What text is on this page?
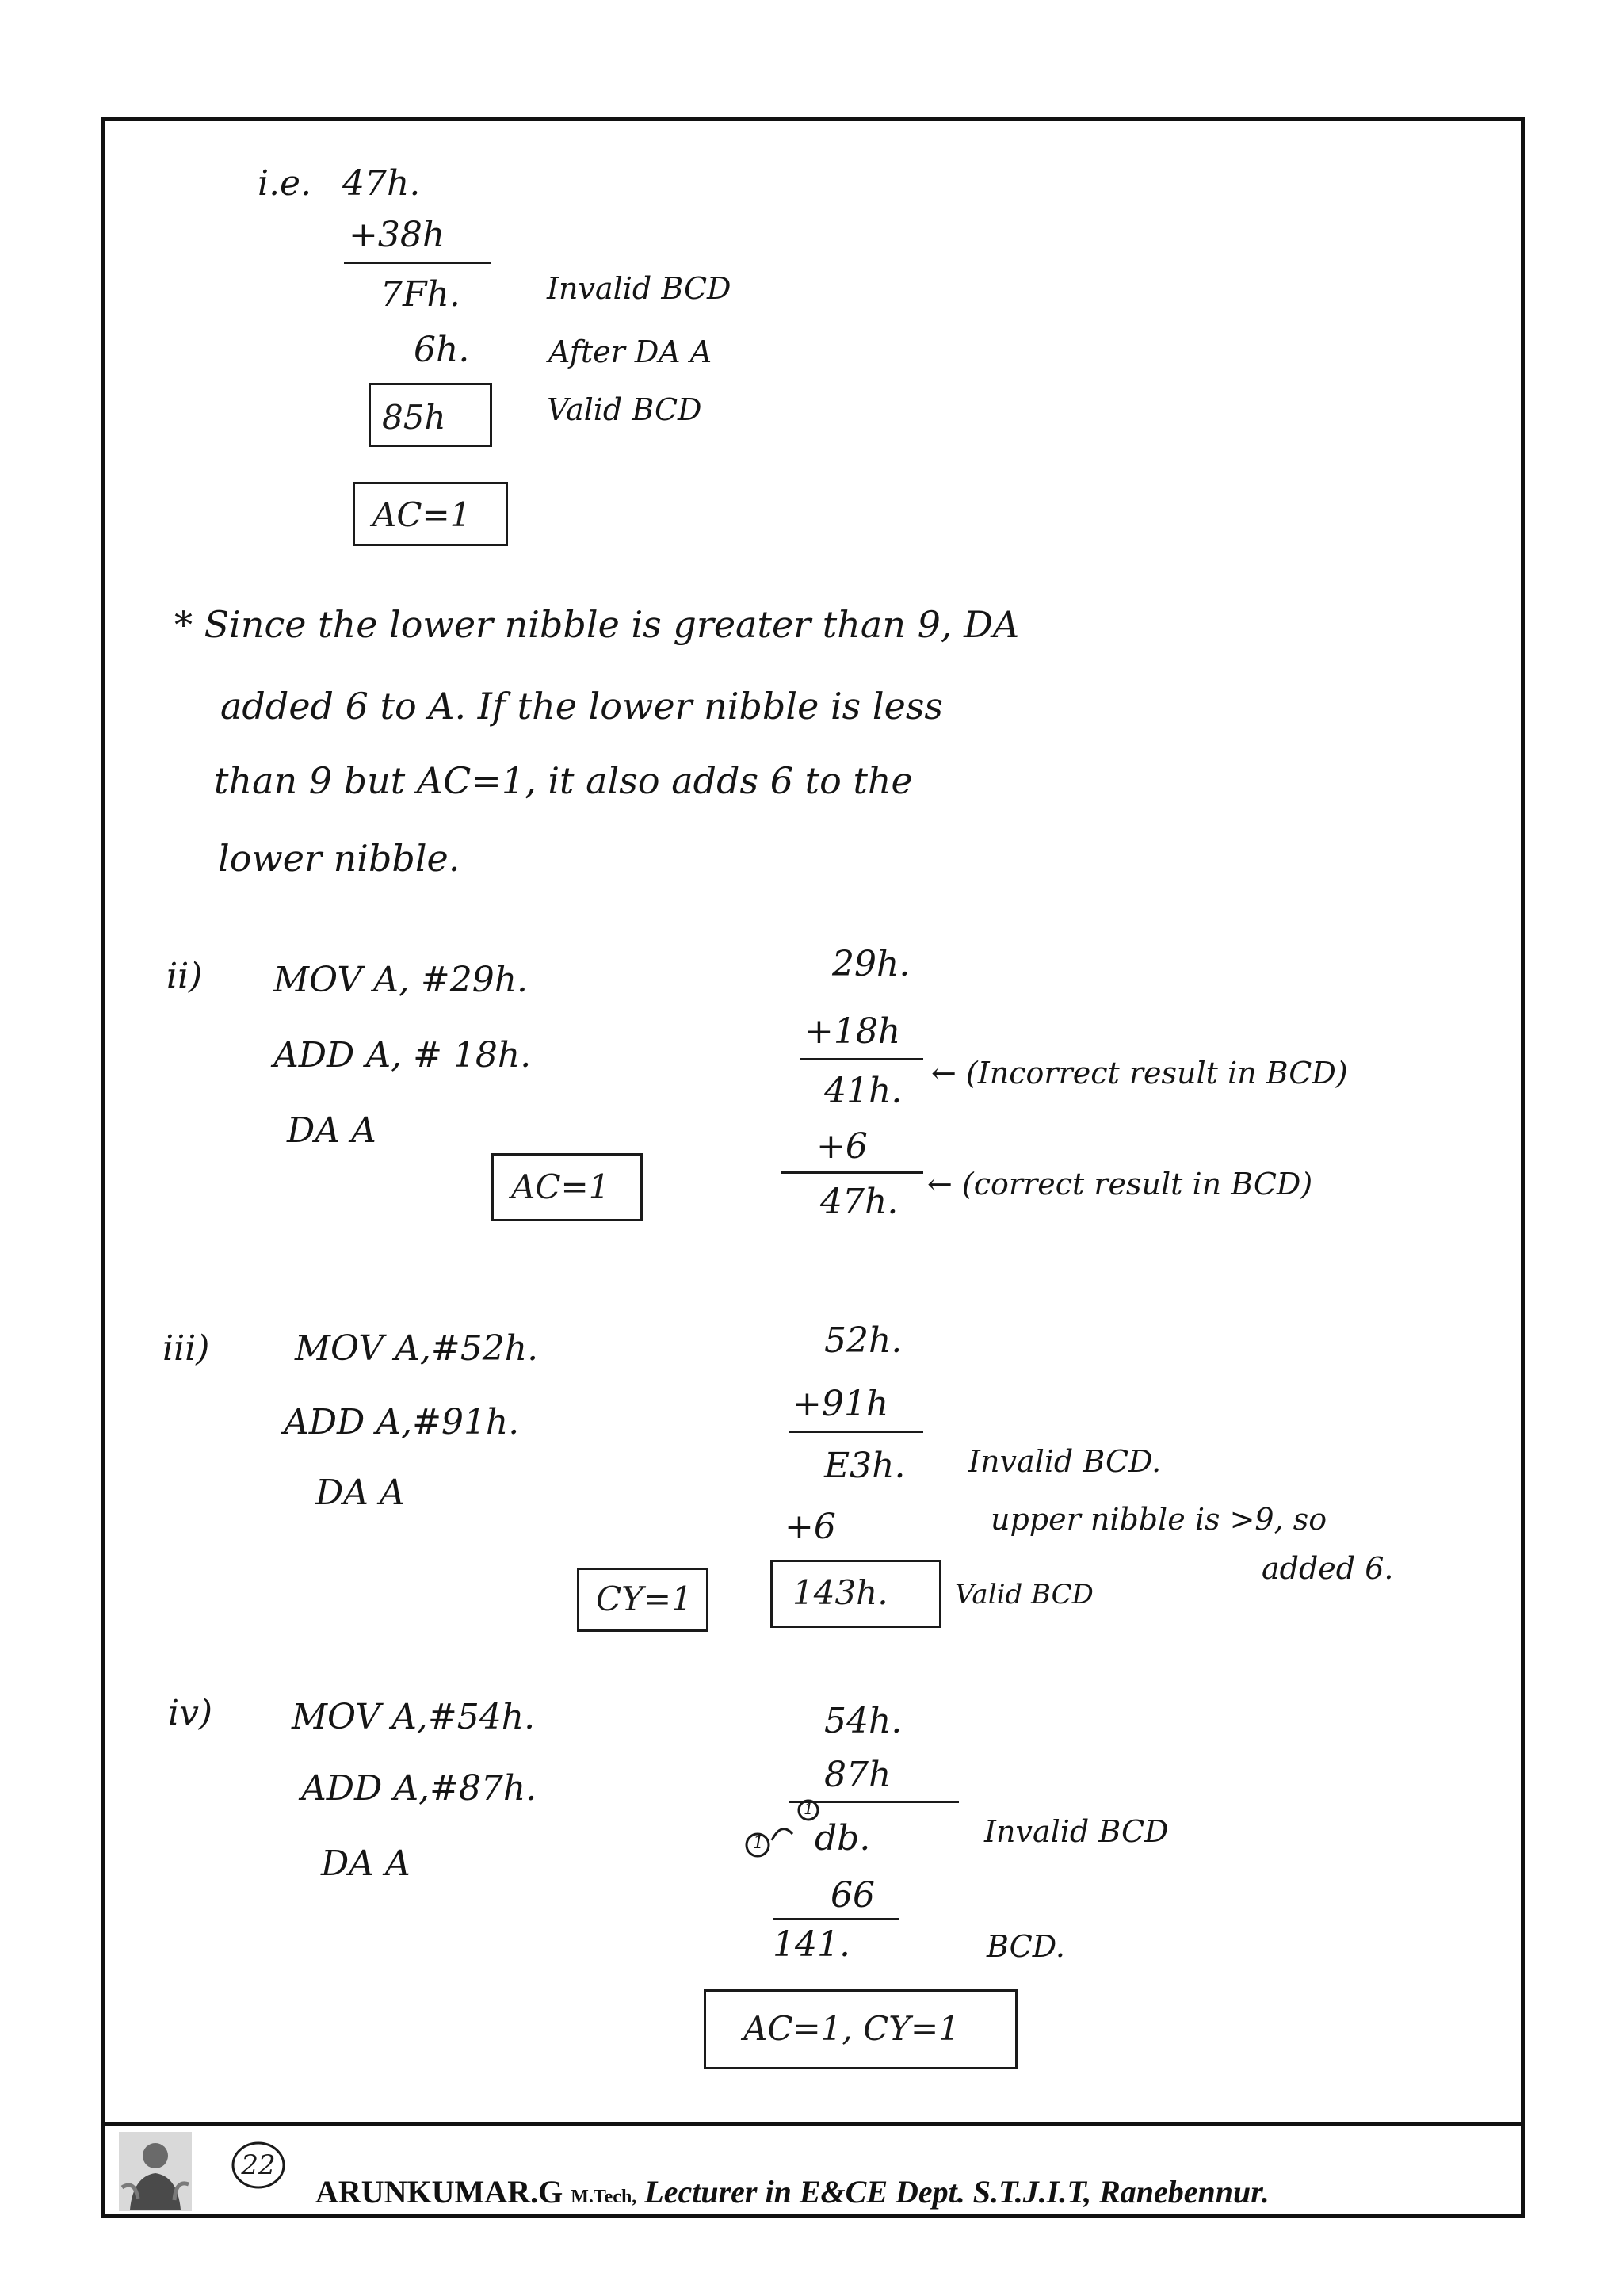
i.e. 47h.
+38h
7Fh.	Invalid BCD
6h.	After DA A
85h	Valid BCD
AC=1
* Since the lower nibble is greater than 9, DA
added 6 to A. If the lower nibble is less
than 9 but AC=1, it also adds 6 to the
lower nibble.
ii) MOV A, #29h.
ADD A, # 18h.
DA A
AC=1
29h.
+18h
41h. ← (Incorrect result in BCD)
+6
47h. ← (correct result in BCD)
iii) MOV A,#52h.
ADD A,#91h.
DA A
CY=1
52h.
+91h
E3h. Invalid BCD.
+6	upper nibble is >9, so
added 6.
143h. Valid BCD
iv) MOV A,#54h.
ADD A,#87h.
DA A
54h.
87h
1
1
db.	Invalid BCD
66
141.	BCD.
AC=1, CY=1
22
ARUNKUMAR.G M.Tech, Lecturer in E&CE Dept. S.T.J.I.T, Ranebennur.
